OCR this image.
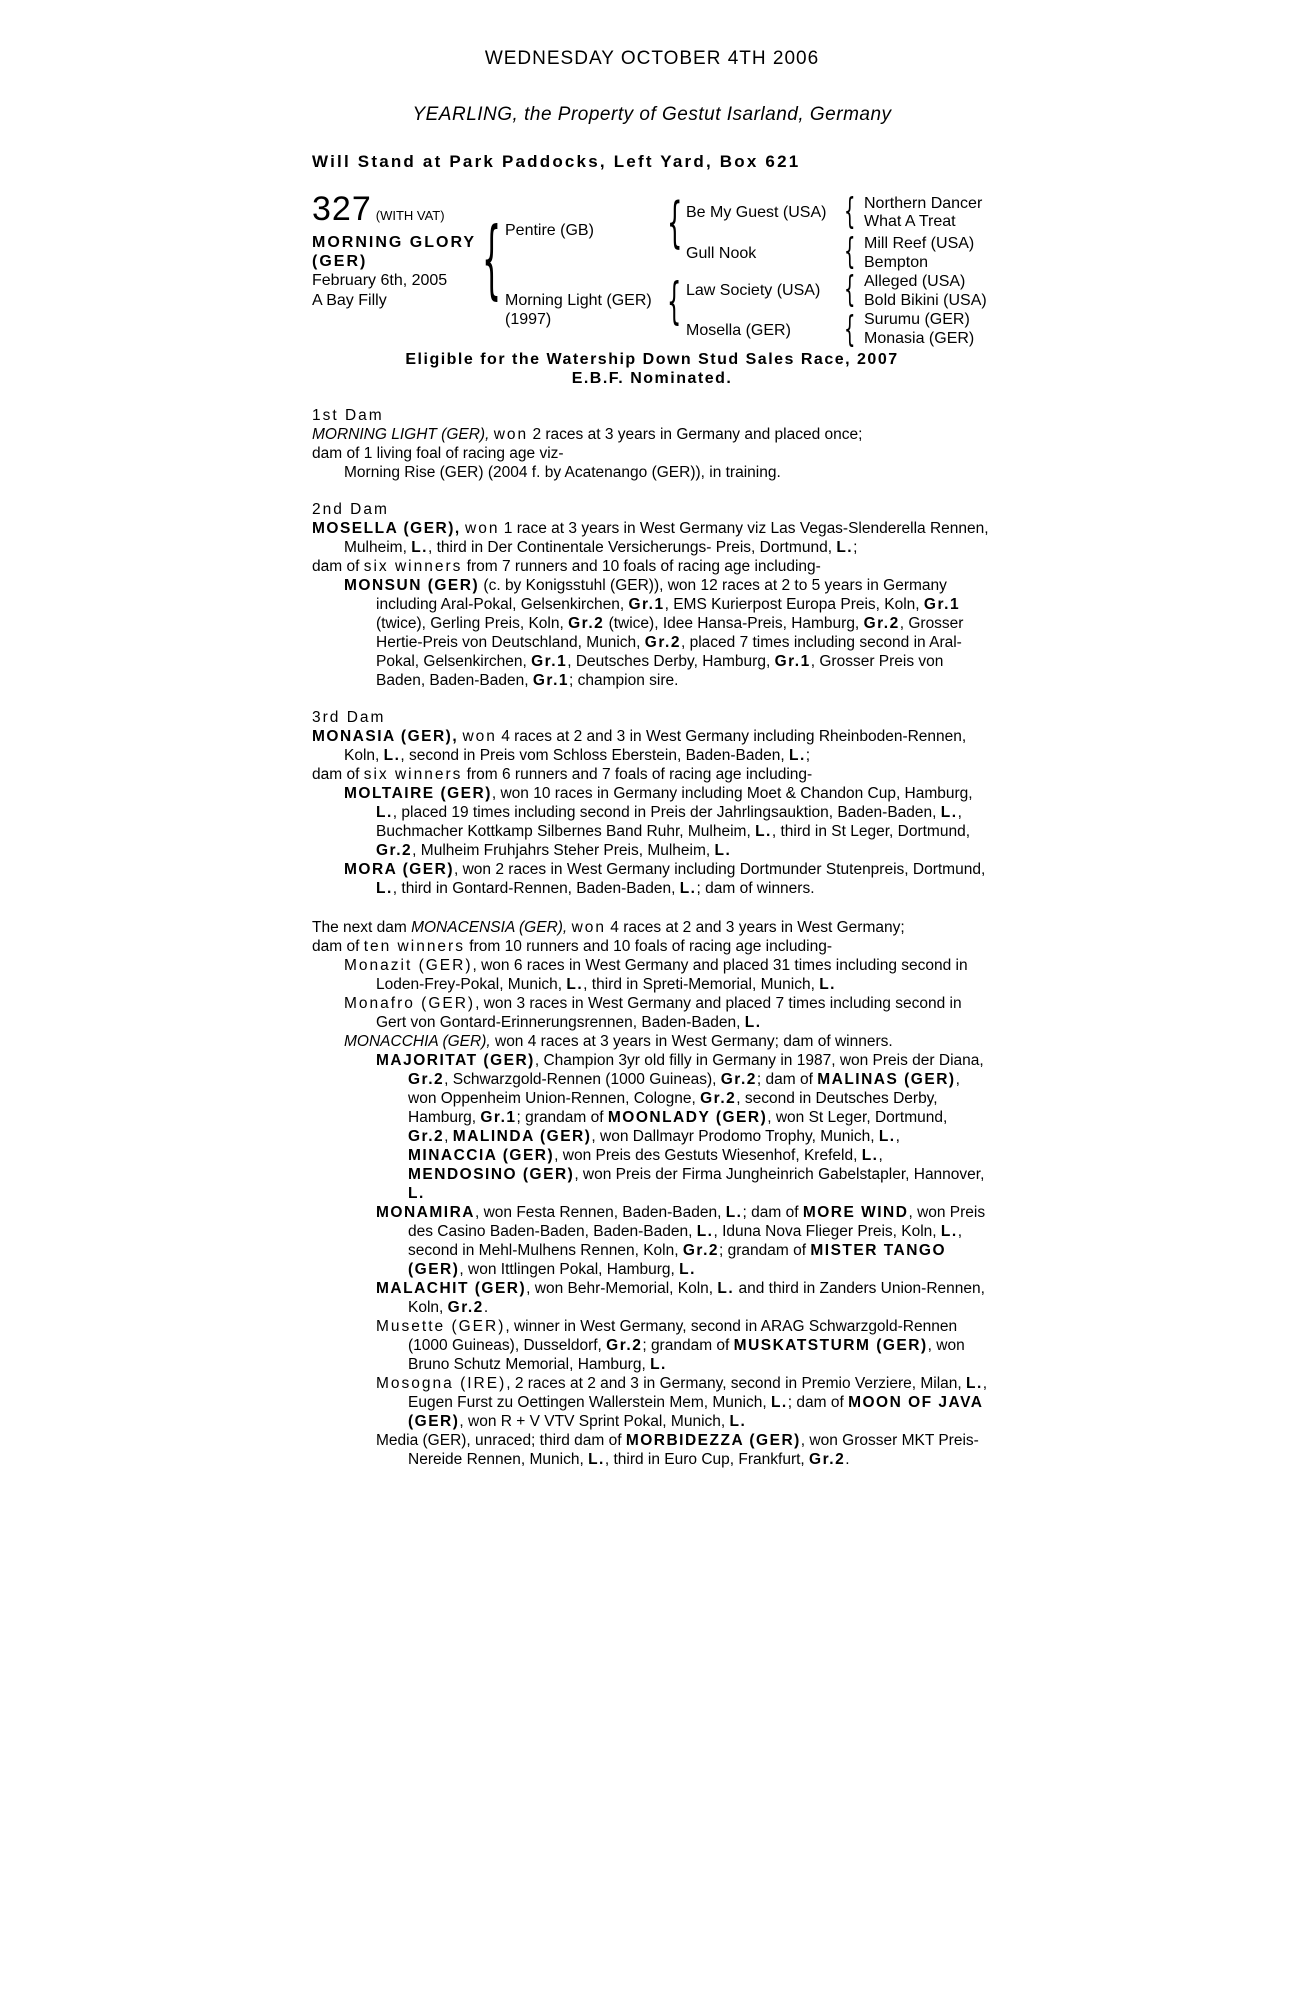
WEDNESDAY OCTOBER 4TH 2006
YEARLING, the Property of Gestut Isarland, Germany
Will Stand at Park Paddocks, Left Yard, Box 621
327 (WITH VAT)
MORNING GLORY
(GER)
February 6th, 2005
A Bay Filly { Pentire (GB)
Morning Light (GER)
(1997)
{ Be My Guest (USA)
Gull Nook
{ Law Society (USA)
Mosella (GER)
{ Northern Dancer
What A Treat
{ Mill Reef (USA)
Bempton
{ Alleged (USA)
Bold Bikini (USA)
{ Surumu (GER)
Monasia (GER)
Eligible for the Watership Down Stud Sales Race, 2007
E.B.F. Nominated.

1st Dam

MORNING LIGHT (GER), won 2 races at 3 years in Germany and placed once;

dam of 1 living foal of racing age viz-

Morning Rise (GER) (2004 f. by Acatenango (GER)), in training.

2nd Dam

MOSELLA (GER), won 1 race at 3 years in West Germany viz Las Vegas-Slenderella Rennen, Mulheim, L., third in Der Continentale Versicherungs- Preis, Dortmund, L.;

dam of six winners from 7 runners and 10 foals of racing age including-

MONSUN (GER) (c. by Konigsstuhl (GER)), won 12 races at 2 to 5 years in Germany including Aral-Pokal, Gelsenkirchen, Gr.1, EMS Kurierpost Europa Preis, Koln, Gr.1 (twice), Gerling Preis, Koln, Gr.2 (twice), Idee Hansa-Preis, Hamburg, Gr.2, Grosser Hertie-Preis von Deutschland, Munich, Gr.2, placed 7 times including second in Aral-Pokal, Gelsenkirchen, Gr.1, Deutsches Derby, Hamburg, Gr.1, Grosser Preis von Baden, Baden-Baden, Gr.1; champion sire.

3rd Dam

MONASIA (GER), won 4 races at 2 and 3 in West Germany including Rheinboden-Rennen, Koln, L., second in Preis vom Schloss Eberstein, Baden-Baden, L.;

dam of six winners from 6 runners and 7 foals of racing age including-

MOLTAIRE (GER), won 10 races in Germany including Moet & Chandon Cup, Hamburg, L., placed 19 times including second in Preis der Jahrlingsauktion, Baden-Baden, L., Buchmacher Kottkamp Silbernes Band Ruhr, Mulheim, L., third in St Leger, Dortmund, Gr.2, Mulheim Fruhjahrs Steher Preis, Mulheim, L.

MORA (GER), won 2 races in West Germany including Dortmunder Stutenpreis, Dortmund, L., third in Gontard-Rennen, Baden-Baden, L.; dam of winners.

The next dam MONACENSIA (GER), won 4 races at 2 and 3 years in West Germany;

dam of ten winners from 10 runners and 10 foals of racing age including-

Monazit (GER), won 6 races in West Germany and placed 31 times including second in Loden-Frey-Pokal, Munich, L., third in Spreti-Memorial, Munich, L.

Monafro (GER), won 3 races in West Germany and placed 7 times including second in Gert von Gontard-Erinnerungsrennen, Baden-Baden, L.

MONACCHIA (GER), won 4 races at 3 years in West Germany; dam of winners.

MAJORITAT (GER), Champion 3yr old filly in Germany in 1987, won Preis der Diana, Gr.2, Schwarzgold-Rennen (1000 Guineas), Gr.2; dam of MALINAS (GER), won Oppenheim Union-Rennen, Cologne, Gr.2, second in Deutsches Derby, Hamburg, Gr.1; grandam of MOONLADY (GER), won St Leger, Dortmund, Gr.2, MALINDA (GER), won Dallmayr Prodomo Trophy, Munich, L., MINACCIA (GER), won Preis des Gestuts Wiesenhof, Krefeld, L., MENDOSINO (GER), won Preis der Firma Jungheinrich Gabelstapler, Hannover, L.

MONAMIRA, won Festa Rennen, Baden-Baden, L.; dam of MORE WIND, won Preis des Casino Baden-Baden, Baden-Baden, L., Iduna Nova Flieger Preis, Koln, L., second in Mehl-Mulhens Rennen, Koln, Gr.2; grandam of MISTER TANGO (GER), won Ittlingen Pokal, Hamburg, L.

MALACHIT (GER), won Behr-Memorial, Koln, L. and third in Zanders Union-Rennen, Koln, Gr.2.

Musette (GER), winner in West Germany, second in ARAG Schwarzgold-Rennen (1000 Guineas), Dusseldorf, Gr.2; grandam of MUSKATSTURM (GER), won Bruno Schutz Memorial, Hamburg, L.

Mosogna (IRE), 2 races at 2 and 3 in Germany, second in Premio Verziere, Milan, L., Eugen Furst zu Oettingen Wallerstein Mem, Munich, L.; dam of MOON OF JAVA (GER), won R + V VTV Sprint Pokal, Munich, L.

Media (GER), unraced; third dam of MORBIDEZZA (GER), won Grosser MKT Preis-Nereide Rennen, Munich, L., third in Euro Cup, Frankfurt, Gr.2.
